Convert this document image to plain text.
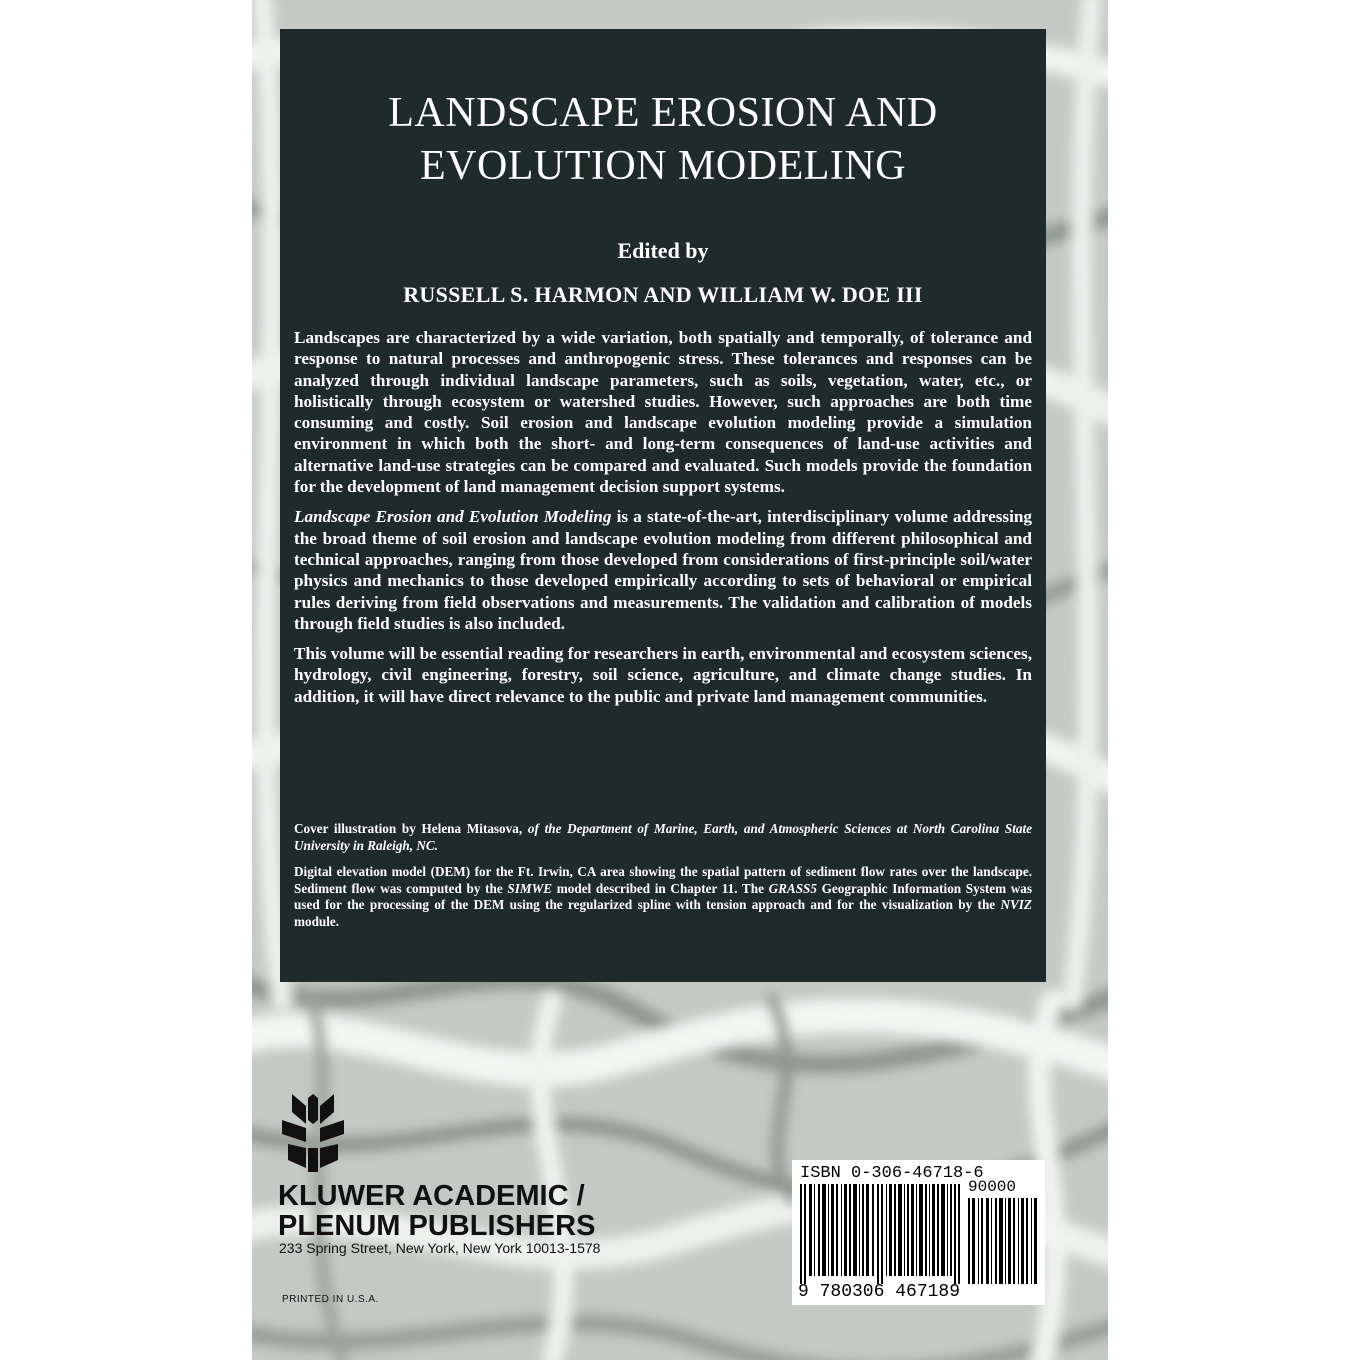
LANDSCAPE EROSION AND
EVOLUTION MODELING
Edited by
RUSSELL S. HARMON AND WILLIAM W. DOE III

Landscapes are characterized by a wide variation, both spatially and temporally, of tolerance and response to natural processes and anthropogenic stress. These tolerances and responses can be analyzed through individual landscape parameters, such as soils, vegetation, water, etc., or holistically through ecosystem or watershed studies. However, such approaches are both time consuming and costly. Soil erosion and landscape evolution modeling provide a simulation environment in which both the short- and long-term consequences of land-use activities and alternative land-use strategies can be compared and evaluated. Such models provide the foundation for the development of land management decision support systems.

Landscape Erosion and Evolution Modeling is a state-of-the-art, interdisciplinary volume addressing the broad theme of soil erosion and landscape evolution modeling from different philosophical and technical approaches, ranging from those developed from considerations of first-principle soil/water physics and mechanics to those developed empirically according to sets of behavioral or empirical rules deriving from field observations and measurements. The validation and calibration of models through field studies is also included.

This volume will be essential reading for researchers in earth, environmental and ecosystem sciences, hydrology, civil engineering, forestry, soil science, agriculture, and climate change studies. In addition, it will have direct relevance to the public and private land management communities.

Cover illustration by Helena Mitasova, of the Department of Marine, Earth, and Atmospheric Sciences at North Carolina State University in Raleigh, NC.

Digital elevation model (DEM) for the Ft. Irwin, CA area showing the spatial pattern of sediment flow rates over the landscape. Sediment flow was computed by the SIMWE model described in Chapter 11. The GRASS5 Geographic Information System was used for the processing of the DEM using the regularized spline with tension approach and for the visualization by the NVIZ module.

KLUWER ACADEMIC /
PLENUM PUBLISHERS
233 Spring Street, New York, New York 10013-1578
PRINTED IN U.S.A.
ISBN 0-306-46718-6
90000
9 780306 467189
